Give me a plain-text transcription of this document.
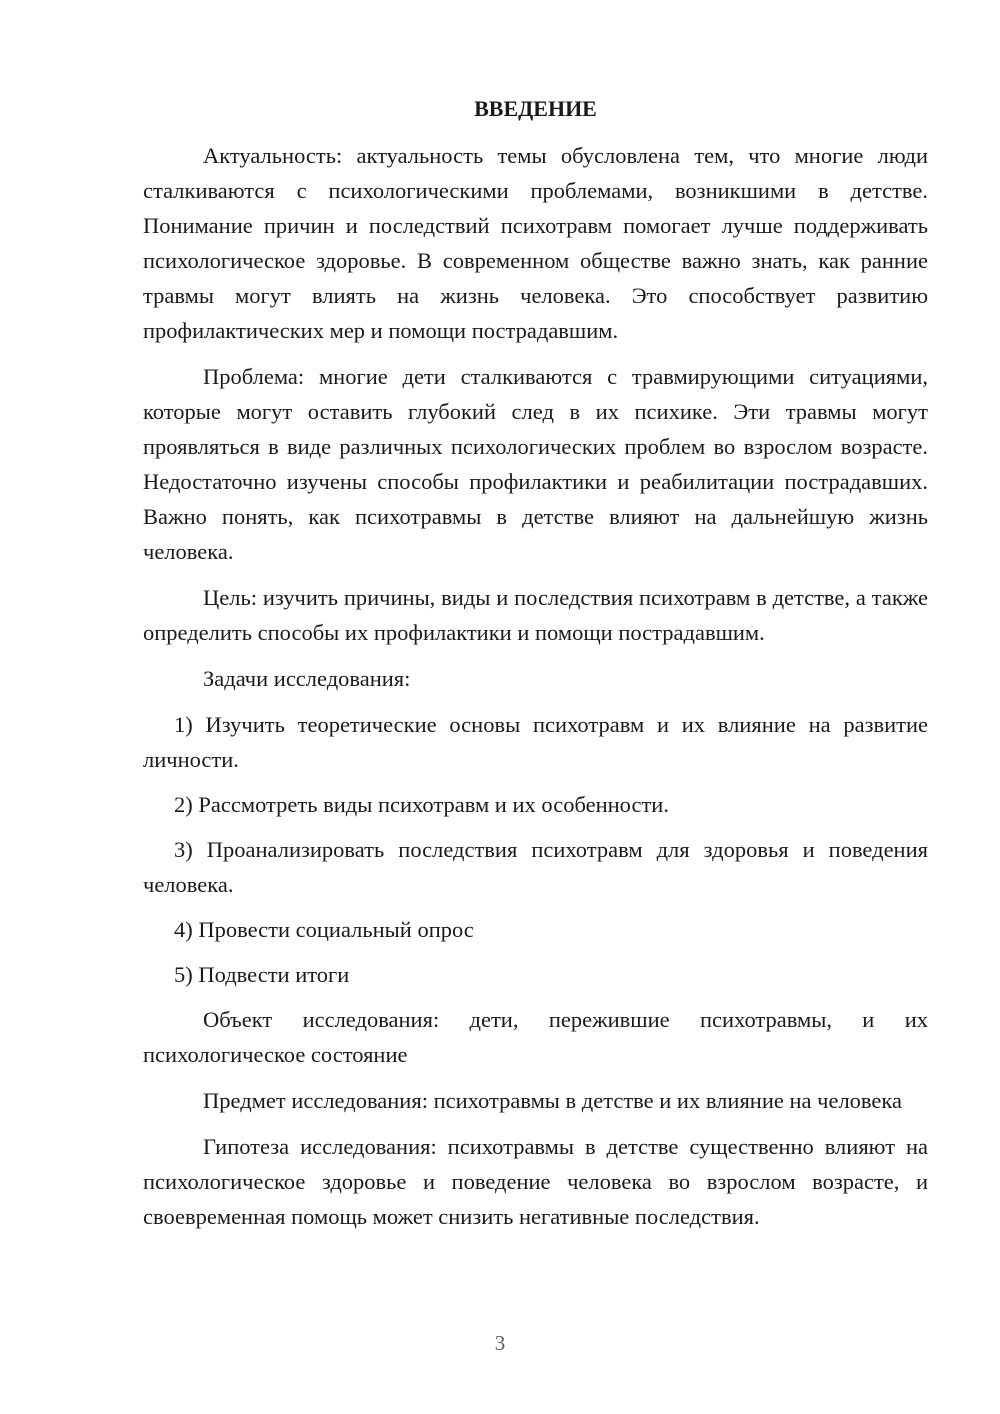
ВВЕДЕНИЕ

Актуальность: актуальность темы обусловлена тем, что многие люди сталкиваются с психологическими проблемами, возникшими в детстве. Понимание причин и последствий психотравм помогает лучше поддерживать психологическое здоровье. В современном обществе важно знать, как ранние травмы могут влиять на жизнь человека. Это способствует развитию профилактических мер и помощи пострадавшим.

Проблема: многие дети сталкиваются с травмирующими ситуациями, которые могут оставить глубокий след в их психике. Эти травмы могут проявляться в виде различных психологических проблем во взрослом возрасте. Недостаточно изучены способы профилактики и реабилитации пострадавших. Важно понять, как психотравмы в детстве влияют на дальнейшую жизнь человека.

Цель: изучить причины, виды и последствия психотравм в детстве, а также определить способы их профилактики и помощи пострадавшим.

Задачи исследования:

1) Изучить теоретические основы психотравм и их влияние на развитие личности.

2) Рассмотреть виды психотравм и их особенности.

3) Проанализировать последствия психотравм для здоровья и поведения человека.

4) Провести социальный опрос

5) Подвести итоги

Объект исследования: дети, пережившие психотравмы, и их психологическое состояние

Предмет исследования: психотравмы в детстве и их влияние на человека

Гипотеза исследования: психотравмы в детстве существенно влияют на психологическое здоровье и поведение человека во взрослом возрасте, и своевременная помощь может снизить негативные последствия.

3
